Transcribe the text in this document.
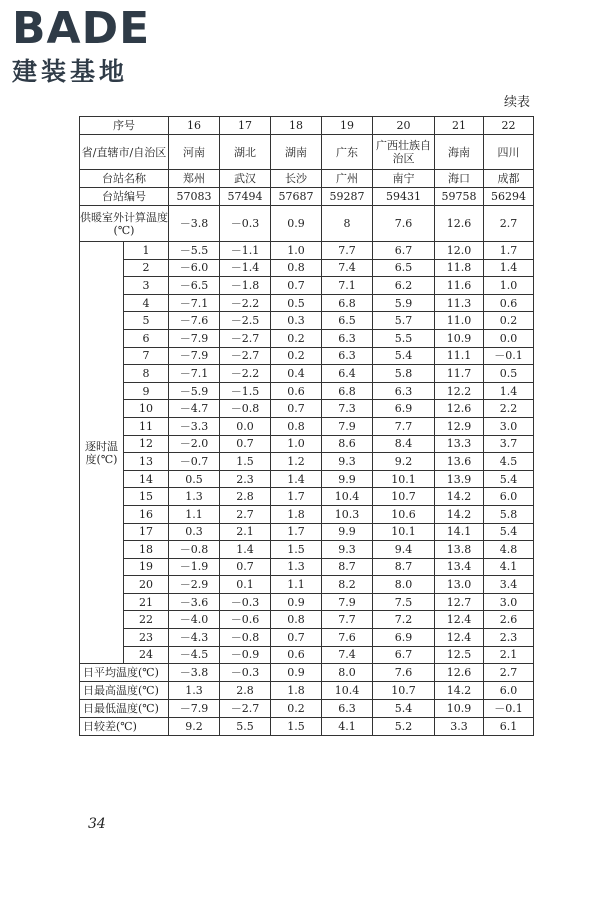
BADE
建装基地
续表
序号		16	17	18	19	20	21	22
省/直辖市/自治区		河南	湖北	湖南	广东	广西壮族自治区	海南	四川
台站名称		郑州	武汉	长沙	广州	南宁	海口	成都
台站编号		57083	57494	57687	59287	59431	59758	56294
供暖室外计算温度(℃)		－3.8	－0.3	0.9	8	7.6	12.6	2.7
逐时温度(℃)	1	－5.5	－1.1	1.0	7.7	6.7	12.0	1.7
	2	－6.0	－1.4	0.8	7.4	6.5	11.8	1.4
	3	－6.5	－1.8	0.7	7.1	6.2	11.6	1.0
	4	－7.1	－2.2	0.5	6.8	5.9	11.3	0.6
	5	－7.6	－2.5	0.3	6.5	5.7	11.0	0.2
	6	－7.9	－2.7	0.2	6.3	5.5	10.9	0.0
	7	－7.9	－2.7	0.2	6.3	5.4	11.1	－0.1
	8	－7.1	－2.2	0.4	6.4	5.8	11.7	0.5
	9	－5.9	－1.5	0.6	6.8	6.3	12.2	1.4
	10	－4.7	－0.8	0.7	7.3	6.9	12.6	2.2
	11	－3.3	0.0	0.8	7.9	7.7	12.9	3.0
	12	－2.0	0.7	1.0	8.6	8.4	13.3	3.7
	13	－0.7	1.5	1.2	9.3	9.2	13.6	4.5
	14	0.5	2.3	1.4	9.9	10.1	13.9	5.4
	15	1.3	2.8	1.7	10.4	10.7	14.2	6.0
	16	1.1	2.7	1.8	10.3	10.6	14.2	5.8
	17	0.3	2.1	1.7	9.9	10.1	14.1	5.4
	18	－0.8	1.4	1.5	9.3	9.4	13.8	4.8
	19	－1.9	0.7	1.3	8.7	8.7	13.4	4.1
	20	－2.9	0.1	1.1	8.2	8.0	13.0	3.4
	21	－3.6	－0.3	0.9	7.9	7.5	12.7	3.0
	22	－4.0	－0.6	0.8	7.7	7.2	12.4	2.6
	23	－4.3	－0.8	0.7	7.6	6.9	12.4	2.3
	24	－4.5	－0.9	0.6	7.4	6.7	12.5	2.1
日平均温度(℃)		－3.8	－0.3	0.9	8.0	7.6	12.6	2.7
日最高温度(℃)		1.3	2.8	1.8	10.4	10.7	14.2	6.0
日最低温度(℃)		－7.9	－2.7	0.2	6.3	5.4	10.9	－0.1
日较差(℃)		9.2	5.5	1.5	4.1	5.2	3.3	6.1
34
